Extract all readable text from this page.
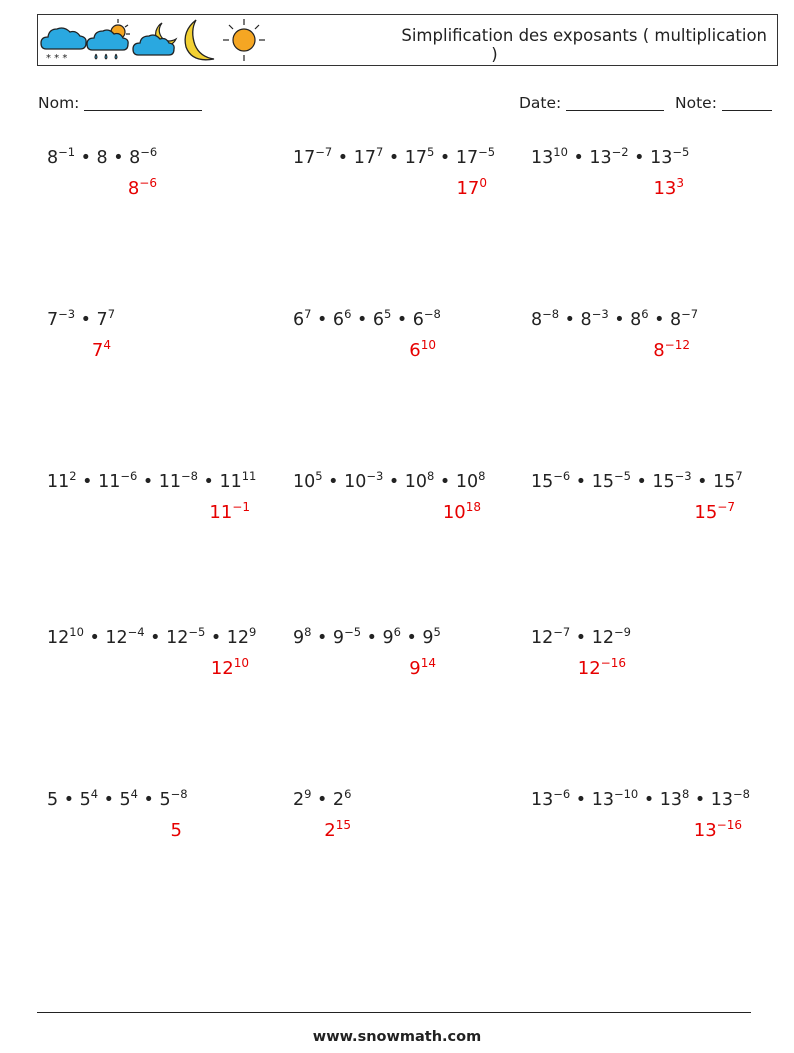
* * *
Simplification des exposants ( multiplication
)
Nom:	Date:	Note:
$8^{-1}$ • 8 • $8^{-6}$
$8^{-6}$
$17^{-7}$ • $17^7$ • $17^5$ • $17^{-5}$
$17^0$
$13^{10}$ • $13^{-2}$ • $13^{-5}$
$13^3$
$7^{-3}$ • $7^7$
$7^4$
$6^7$ • $6^6$ • $6^5$ • $6^{-8}$
$6^{10}$
$8^{-8}$ • $8^{-3}$ • $8^6$ • $8^{-7}$
$8^{-12}$
$11^2$ • $11^{-6}$ • $11^{-8}$ • $11^{11}$
$11^{-1}$
$10^5$ • $10^{-3}$ • $10^8$ • $10^8$
$10^{18}$
$15^{-6}$ • $15^{-5}$ • $15^{-3}$ • $15^7$
$15^{-7}$
$12^{10}$ • $12^{-4}$ • $12^{-5}$ • $12^9$
$12^{10}$
$9^8$ • $9^{-5}$ • $9^6$ • $9^5$
$9^{14}$
$12^{-7}$ • $12^{-9}$
$12^{-16}$
5 • $5^4$ • $5^4$ • $5^{-8}$
5
$2^9$ • $2^6$
$2^{15}$
$13^{-6}$ • $13^{-10}$ • $13^8$ • $13^{-8}$
$13^{-16}$
www.snowmath.com
